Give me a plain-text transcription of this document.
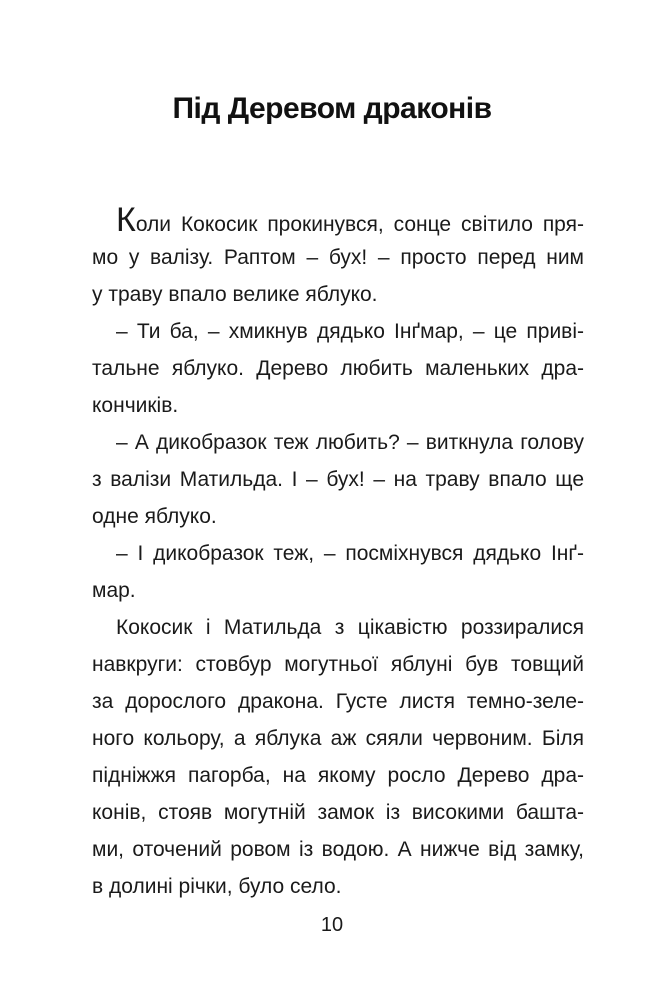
Під Деревом драконів
Коли Кокосик прокинувся, сонце світило пря-
мо у валізу. Раптом – бух! – просто перед ним
у траву впало велике яблуко.
– Ти ба, – хмикнув дядько Інґмар, – це приві-
тальне яблуко. Дерево любить маленьких дра-
кончиків.
– А дикобразок теж любить? – виткнула голову
з валізи Матильда. І – бух! – на траву впало ще
одне яблуко.
– І дикобразок теж, – посміхнувся дядько Інґ-
мар.
Кокосик і Матильда з цікавістю роззиралися
навкруги: стовбур могутньої яблуні був товщий
за дорослого дракона. Густе листя темно-зеле-
ного кольору, а яблука аж сяяли червоним. Біля
підніжжя пагорба, на якому росло Дерево дра-
конів, стояв могутній замок із високими башта-
ми, оточений ровом із водою. А нижче від замку,
в долині річки, було село.
10
